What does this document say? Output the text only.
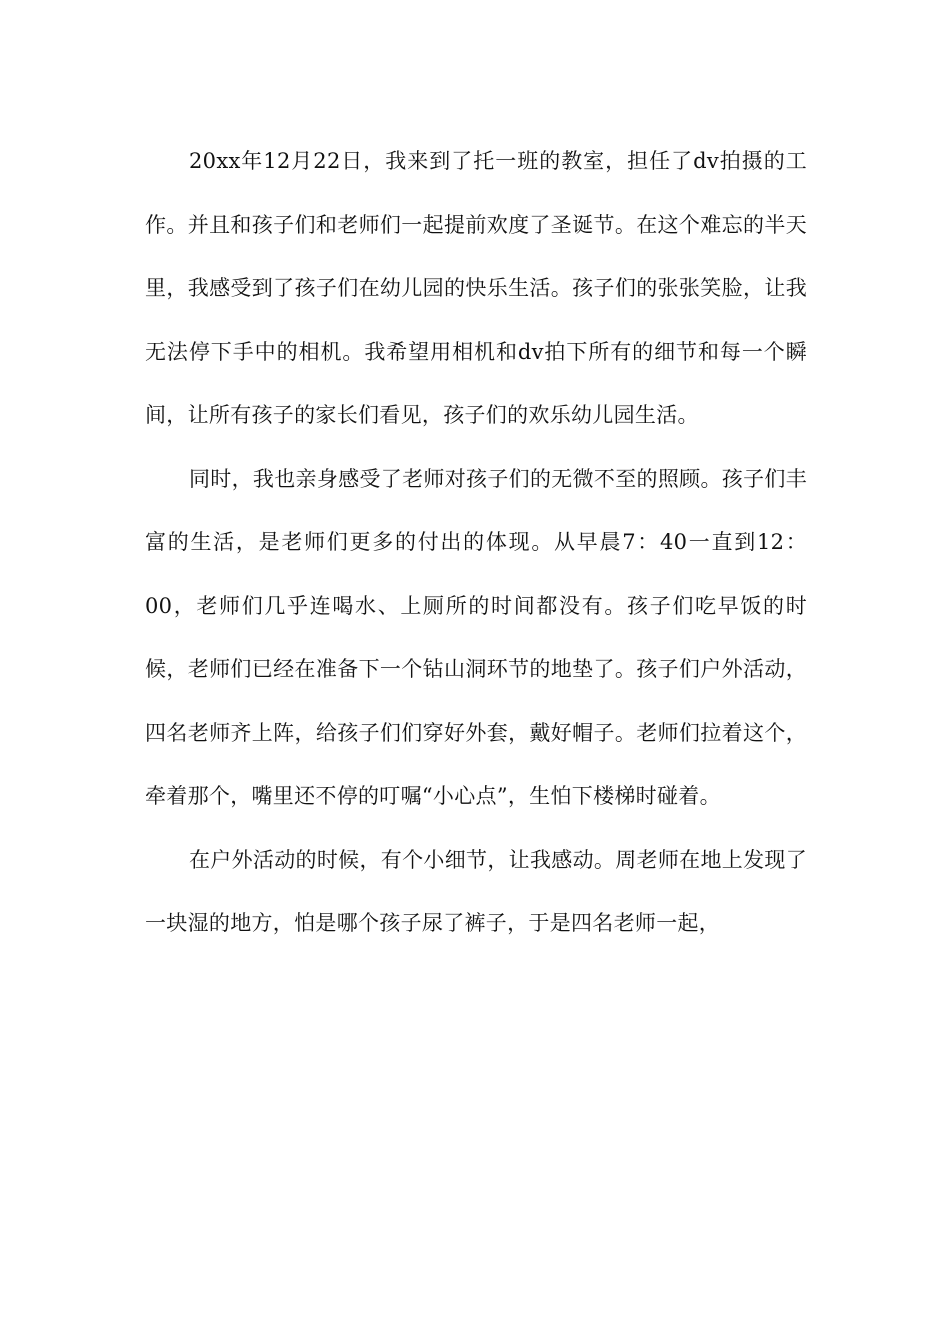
20xx年12月22日，我来到了托一班的教室，担任了dv拍摄的工作。并且和孩子们和老师们一起提前欢度了圣诞节。在这个难忘的半天里，我感受到了孩子们在幼儿园的快乐生活。孩子们的张张笑脸，让我无法停下手中的相机。我希望用相机和dv拍下所有的细节和每一个瞬间，让所有孩子的家长们看见，孩子们的欢乐幼儿园生活。

同时，我也亲身感受了老师对孩子们的无微不至的照顾。孩子们丰富的生活，是老师们更多的付出的体现。从早晨7：40一直到12：00，老师们几乎连喝水、上厕所的时间都没有。孩子们吃早饭的时候，老师们已经在准备下一个钻山洞环节的地垫了。孩子们户外活动，四名老师齐上阵，给孩子们们穿好外套，戴好帽子。老师们拉着这个，牵着那个，嘴里还不停的叮嘱“小心点”，生怕下楼梯时碰着。

在户外活动的时候，有个小细节，让我感动。周老师在地上发现了一块湿的地方，怕是哪个孩子尿了裤子，于是四名老师一起，
